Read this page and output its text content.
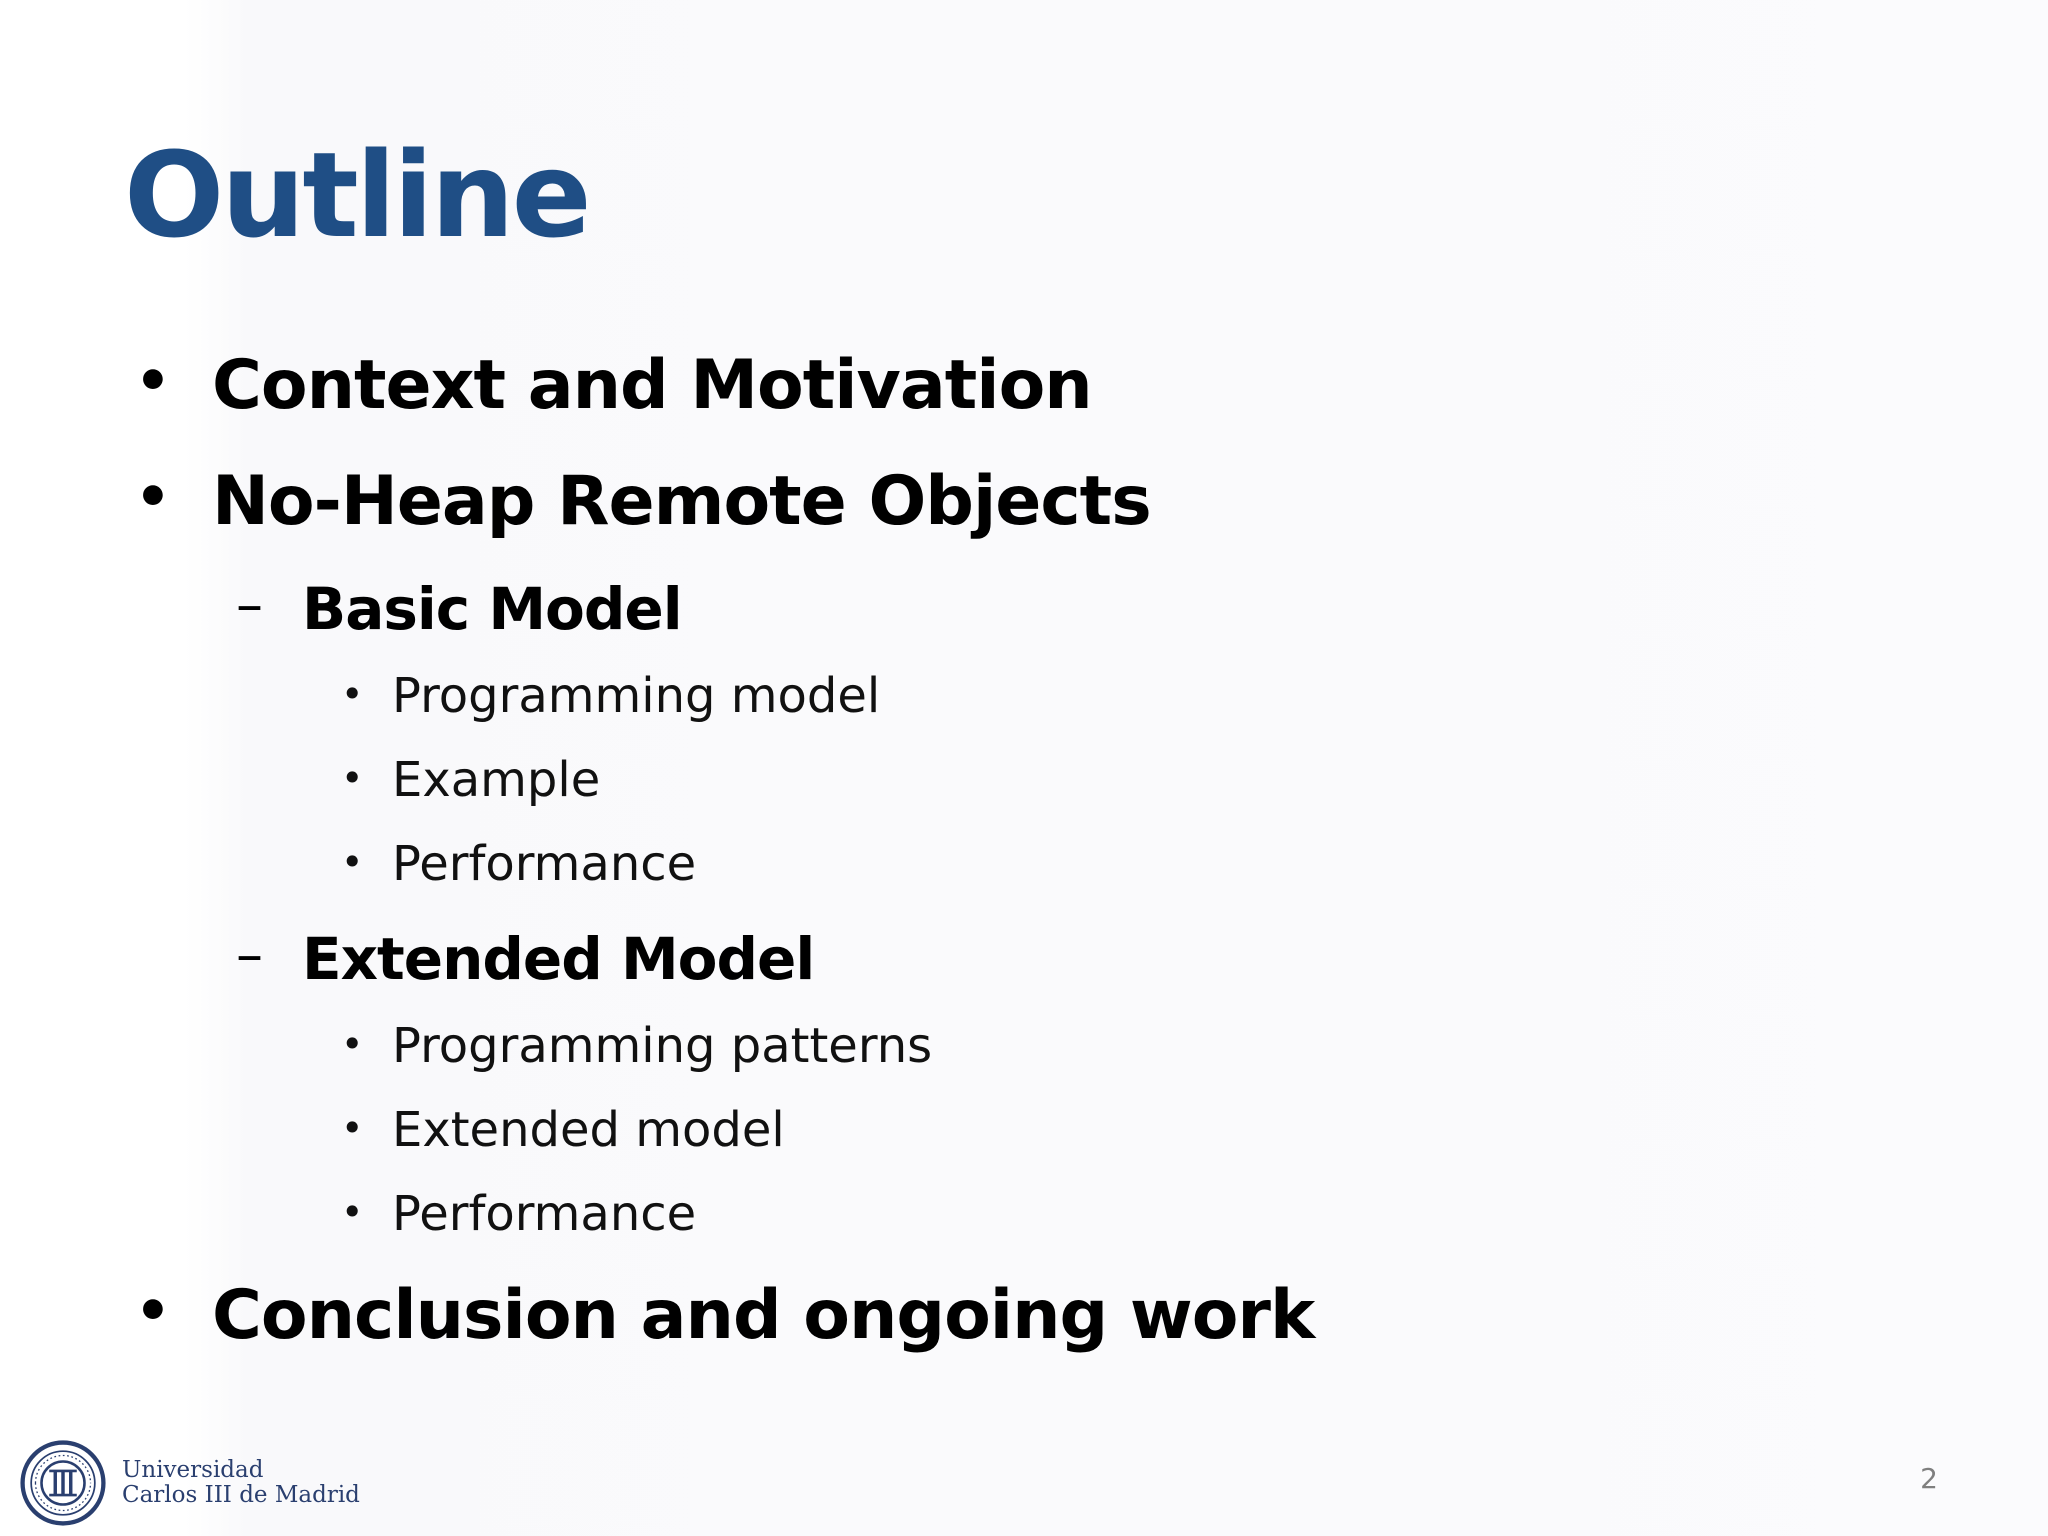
Outline
• Context and Motivation
• No-Heap Remote Objects
– Basic Model
• Programming model
• Example
• Performance
– Extended Model
• Programming patterns
• Extended model
• Performance
• Conclusion and ongoing work
Universidad
Carlos III de Madrid	2
